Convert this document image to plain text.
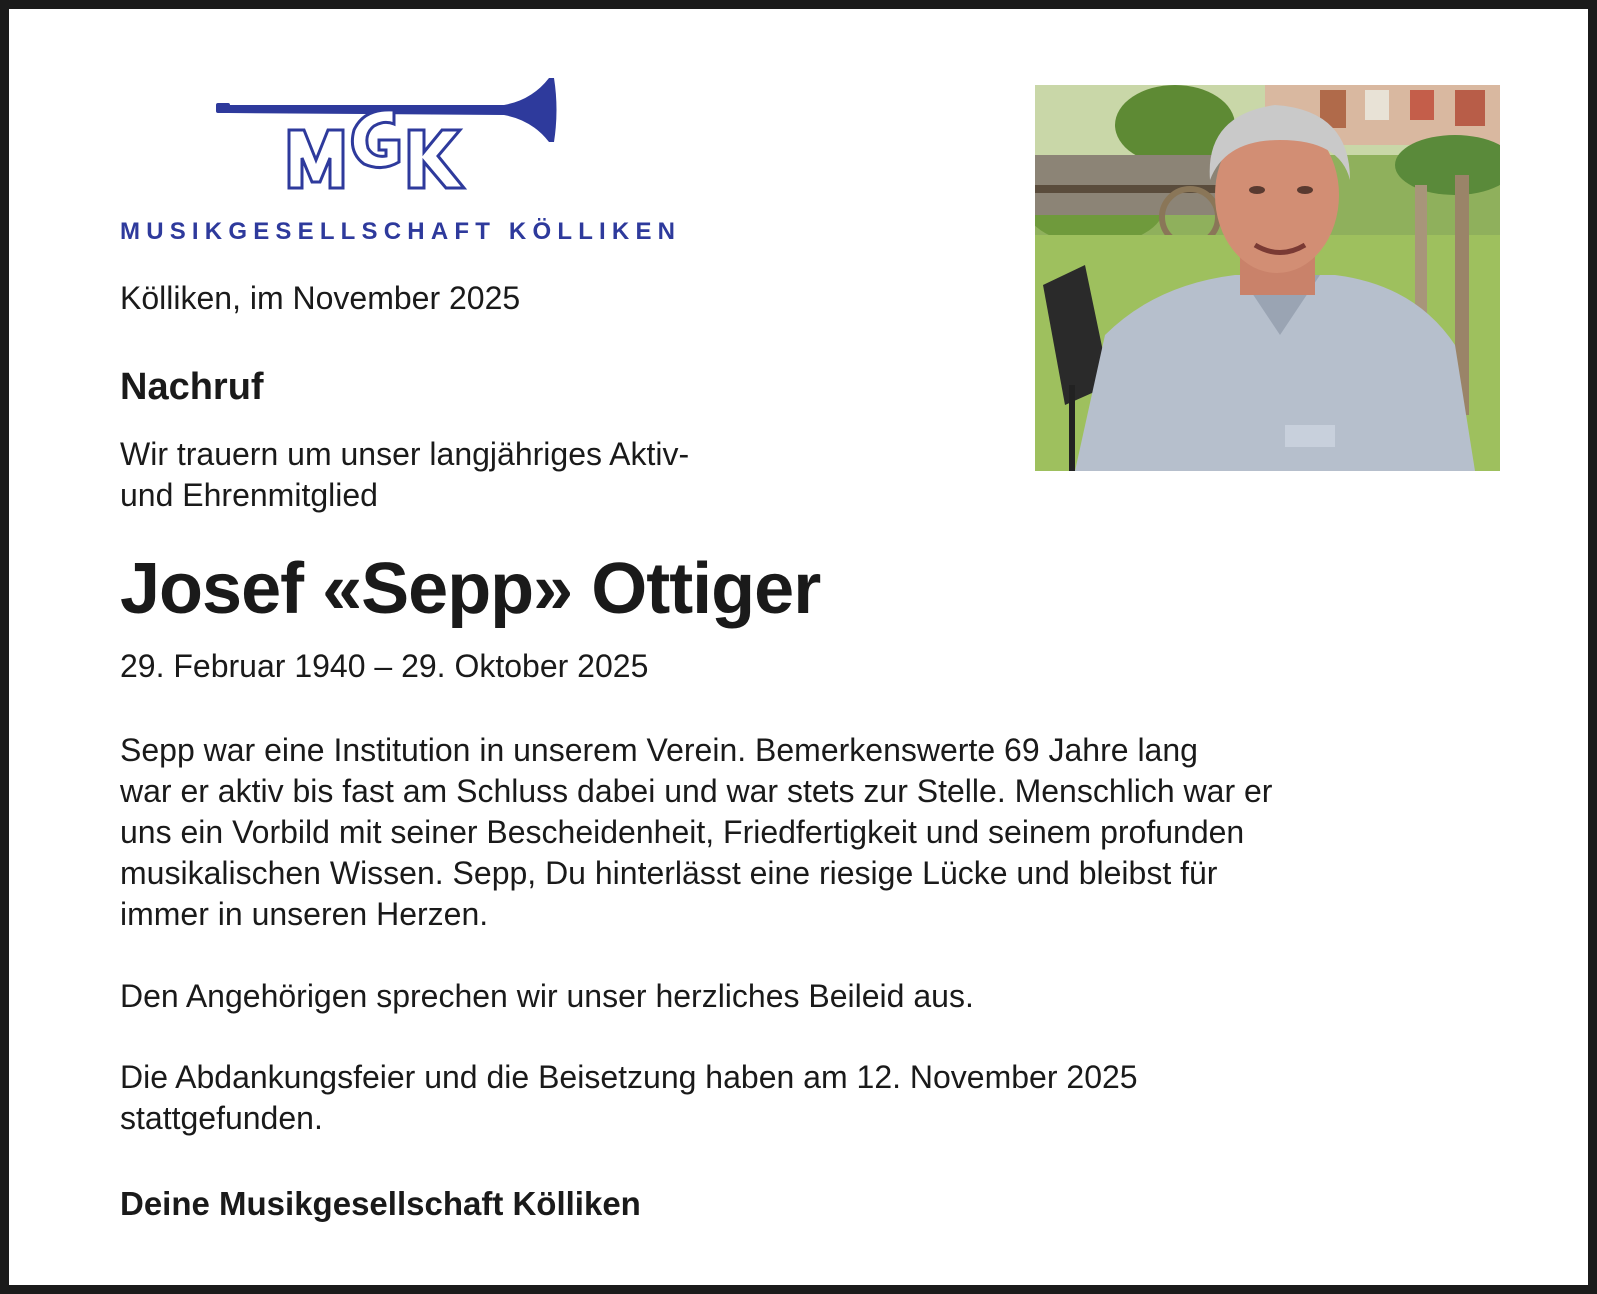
MUSIKGESELLSCHAFT KÖLLIKEN
Kölliken, im November 2025
Nachruf
Wir trauern um unser langjähriges Aktiv-
und Ehrenmitglied
Josef «Sepp» Ottiger
29. Februar 1940 – 29. Oktober 2025
Sepp war eine Institution in unserem Verein. Bemerkenswerte 69 Jahre lang
war er aktiv bis fast am Schluss dabei und war stets zur Stelle. Menschlich war er
uns ein Vorbild mit seiner Bescheidenheit, Friedfertigkeit und seinem profunden
musikalischen Wissen. Sepp, Du hinterlässt eine riesige Lücke und bleibst für
immer in unseren Herzen.
Den Angehörigen sprechen wir unser herzliches Beileid aus.
Die Abdankungsfeier und die Beisetzung haben am 12. November 2025
stattgefunden.
Deine Musikgesellschaft Kölliken
